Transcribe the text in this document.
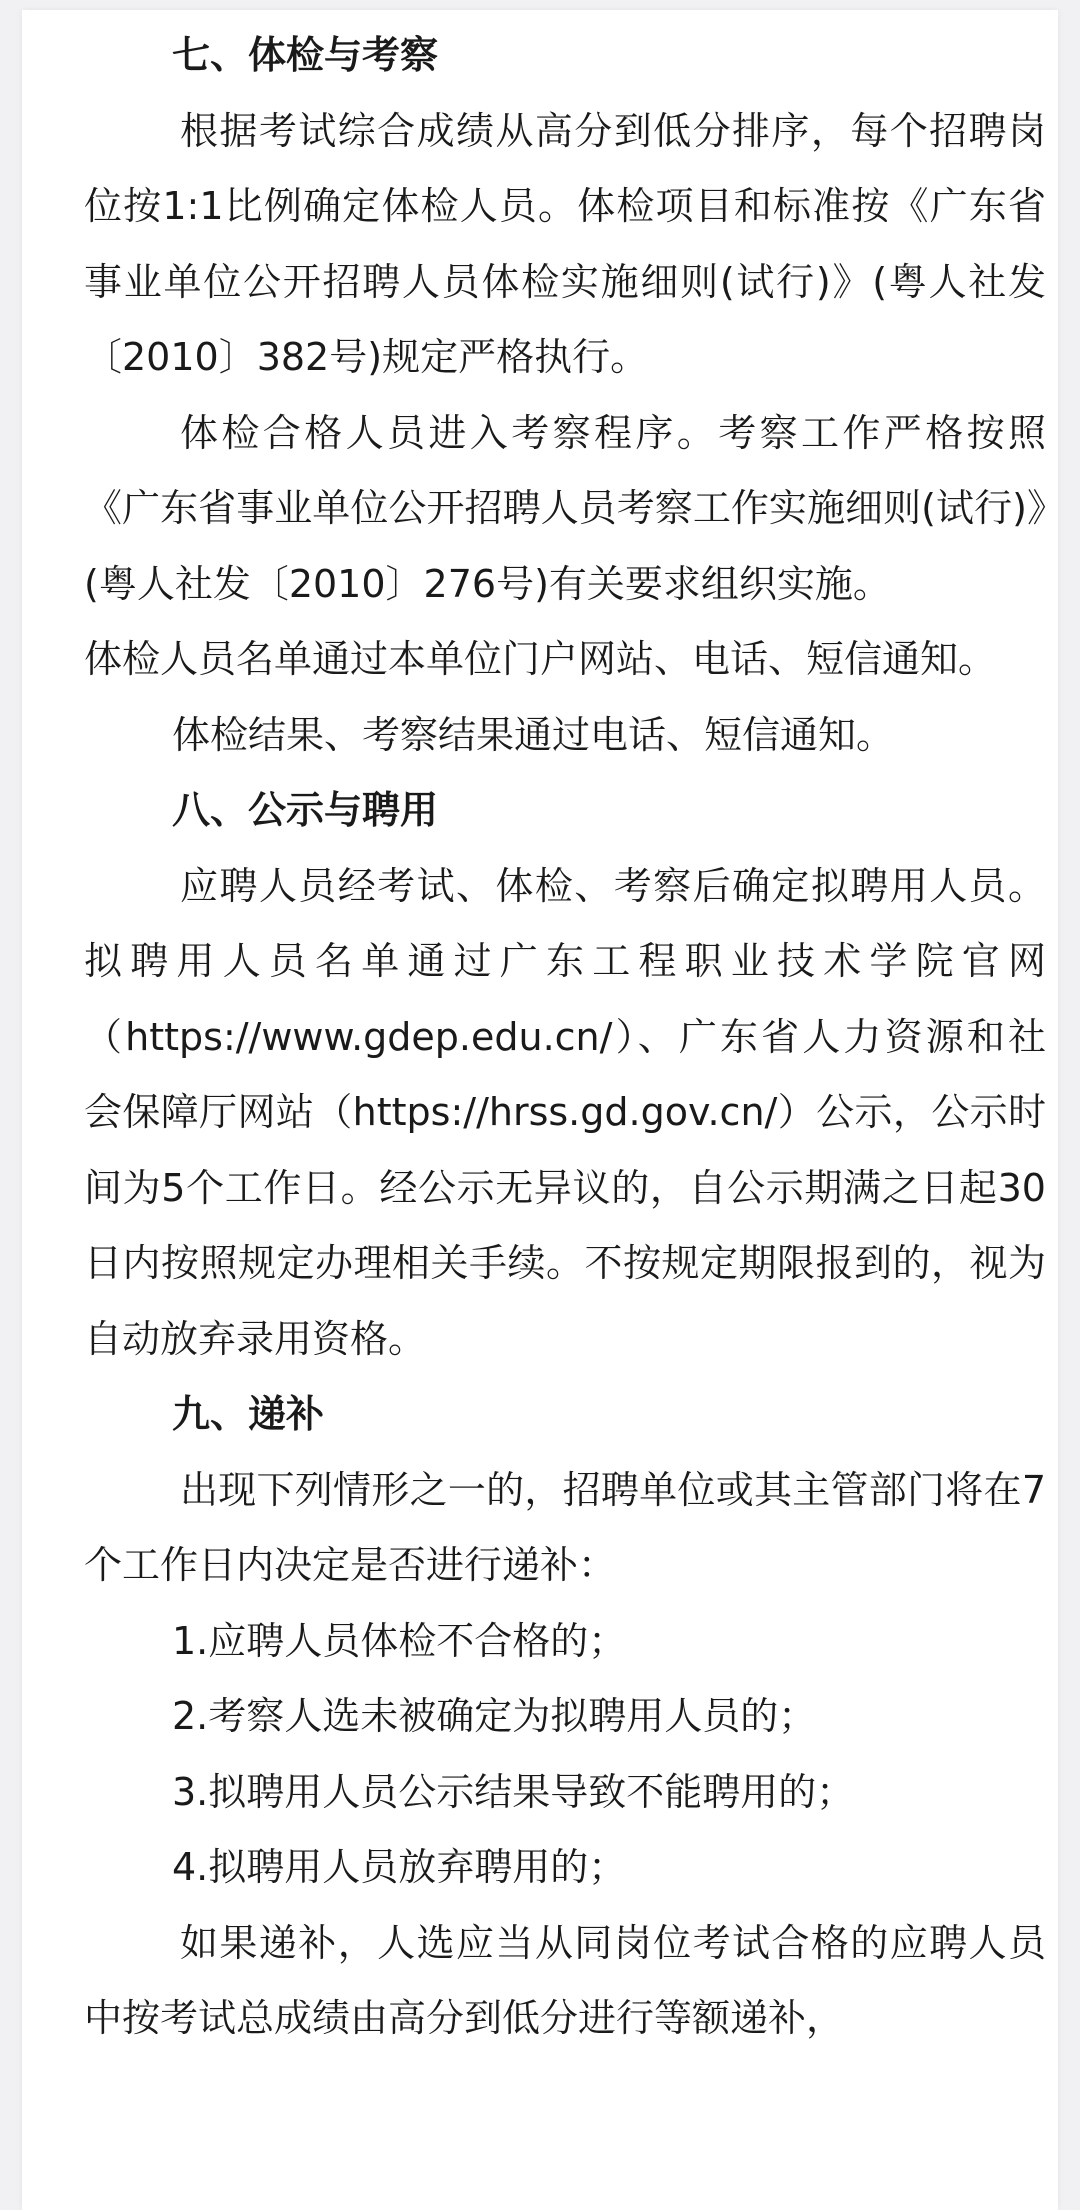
七、体检与考察

根据考试综合成绩从高分到低分排序，每个招聘岗位按1:1比例确定体检人员。体检项目和标准按《广东省事业单位公开招聘人员体检实施细则(试行)》(粤人社发〔2010〕382号)规定严格执行。

体检合格人员进入考察程序。考察工作严格按照《广东省事业单位公开招聘人员考察工作实施细则(试行)》(粤人社发〔2010〕276号)有关要求组织实施。

体检人员名单通过本单位门户网站、电话、短信通知。

体检结果、考察结果通过电话、短信通知。

八、公示与聘用

应聘人员经考试、体检、考察后确定拟聘用人员。拟聘用人员名单通过广东工程职业技术学院官网（https://www.gdep.edu.cn/）、广东省人力资源和社会保障厅网站（https://hrss.gd.gov.cn/）公示，公示时间为5个工作日。经公示无异议的，自公示期满之日起30日内按照规定办理相关手续。不按规定期限报到的，视为自动放弃录用资格。

九、递补

出现下列情形之一的，招聘单位或其主管部门将在7个工作日内决定是否进行递补：

1.应聘人员体检不合格的；

2.考察人选未被确定为拟聘用人员的；

3.拟聘用人员公示结果导致不能聘用的；

4.拟聘用人员放弃聘用的；

如果递补，人选应当从同岗位考试合格的应聘人员中按考试总成绩由高分到低分进行等额递补，
